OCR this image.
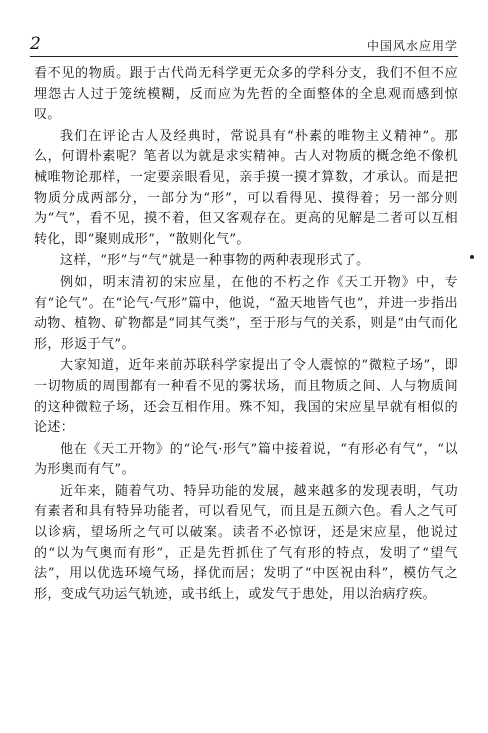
2	中国风水应用学

看不见的物质。跟于古代尚无科学更无众多的学科分支，我们不但不应埋怨古人过于笼统模糊，反而应为先哲的全面整体的全息观而感到惊叹。

我们在评论古人及经典时，常说具有“朴素的唯物主义精神”。那么，何谓朴素呢？笔者以为就是求实精神。古人对物质的概念绝不像机械唯物论那样，一定要亲眼看见，亲手摸一摸才算数，才承认。而是把物质分成两部分，一部分为“形”，可以看得见、摸得着；另一部分则为“气”，看不见，摸不着，但又客观存在。更高的见解是二者可以互相转化，即“聚则成形”，“散则化气”。

这样，“形”与“气”就是一种事物的两种表现形式了。

例如，明末清初的宋应星，在他的不朽之作《天工开物》中，专有“论气”。在“论气·气形”篇中，他说，“盈天地皆气也”，并进一步指出动物、植物、矿物都是“同其气类”，至于形与气的关系，则是“由气而化形，形返于气”。

大家知道，近年来前苏联科学家提出了令人震惊的“微粒子场”，即一切物质的周围都有一种看不见的雾状场，而且物质之间、人与物质间的这种微粒子场，还会互相作用。殊不知，我国的宋应星早就有相似的论述：

他在《天工开物》的“论气·形气”篇中接着说，“有形必有气”，“以为形奥而有气”。

近年来，随着气功、特异功能的发展，越来越多的发现表明，气功有素者和具有特异功能者，可以看见气，而且是五颜六色。看人之气可以诊病，望场所之气可以破案。读者不必惊讶，还是宋应星，他说过的“以为气奥而有形”，正是先哲抓住了气有形的特点，发明了“望气法”，用以优选环境气场，择优而居；发明了“中医祝由科”，模仿气之形，变成气功运气轨迹，或书纸上，或发气于患处，用以治病疗疾。
